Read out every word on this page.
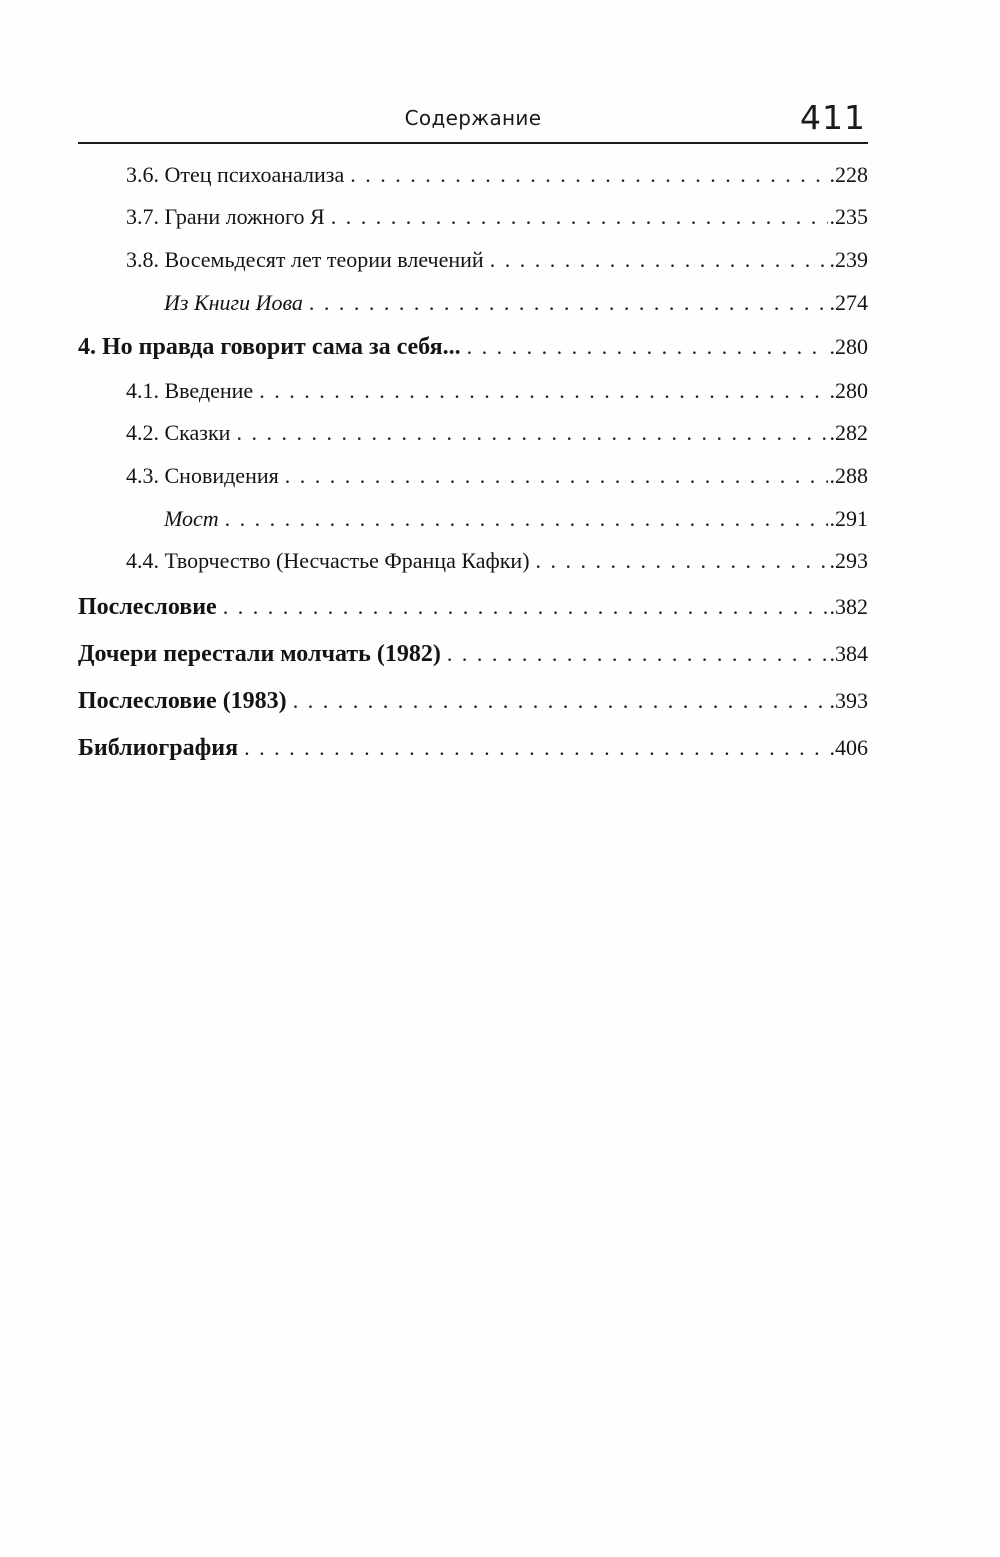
Содержание	411
3.6. Отец психоанализа . . .	.228
3.7. Грани ложного Я . . .	.235
3.8. Восемьдесят лет теории влечений . . .	.239
Из Книги Иова . . .	.274
4. Но правда говорит сама за себя... . . .	.280
4.1. Введение . . .	.280
4.2. Сказки . . .	.282
4.3. Сновидения . . .	.288
Мост . . .	.291
4.4. Творчество (Несчастье Франца Кафки) . . .	.293
Послесловие . . .	.382
Дочери перестали молчать (1982) . . .	.384
Послесловие (1983) . . .	.393
Библиография . . .	.406
